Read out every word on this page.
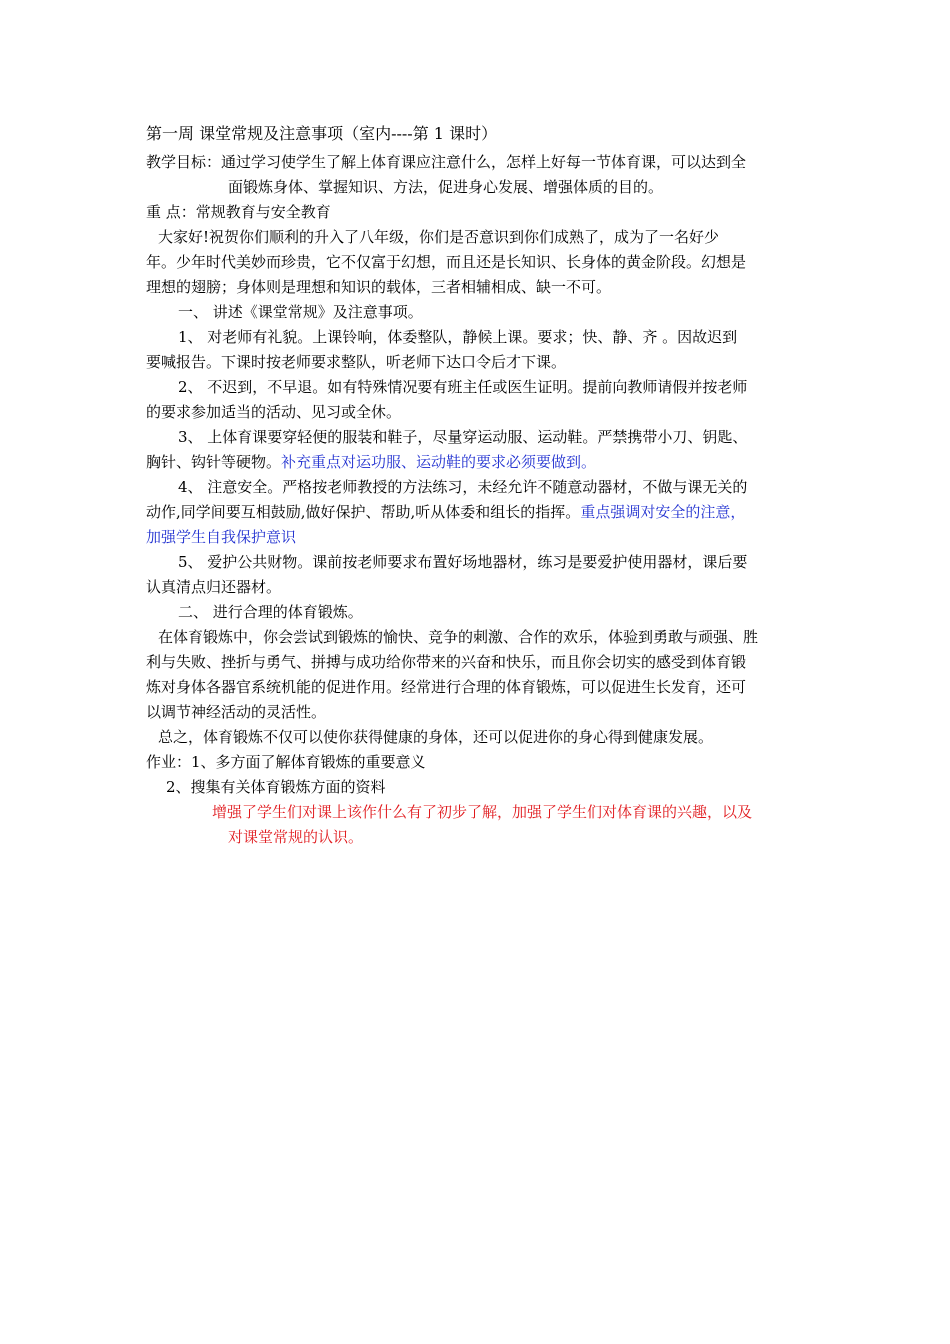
第一周 课堂常规及注意事项（室内----第 1 课时）
教学目标：通过学习使学生了解上体育课应注意什么，怎样上好每一节体育课，可以达到全
面锻炼身体、掌握知识、方法，促进身心发展、增强体质的目的。
重 点：常规教育与安全教育
大家好!祝贺你们顺利的升入了八年级，你们是否意识到你们成熟了，成为了一名好少
年。少年时代美妙而珍贵，它不仅富于幻想，而且还是长知识、长身体的黄金阶段。幻想是
理想的翅膀；身体则是理想和知识的载体，三者相辅相成、缺一不可。
一、 讲述《课堂常规》及注意事项。
1、 对老师有礼貌。上课铃响，体委整队，静候上课。要求；快、静、齐 。因故迟到
要喊报告。下课时按老师要求整队，听老师下达口令后才下课。
2、 不迟到，不早退。如有特殊情况要有班主任或医生证明。提前向教师请假并按老师
的要求参加适当的活动、见习或全休。
3、 上体育课要穿轻便的服装和鞋子，尽量穿运动服、运动鞋。严禁携带小刀、钥匙、
胸针、钩针等硬物。补充重点对运功服、运动鞋的要求必须要做到。
4、 注意安全。严格按老师教授的方法练习，未经允许不随意动器材，不做与课无关的
动作,同学间要互相鼓励,做好保护、帮助,听从体委和组长的指挥。重点强调对安全的注意，
加强学生自我保护意识
5、 爱护公共财物。课前按老师要求布置好场地器材，练习是要爱护使用器材，课后要
认真清点归还器材。
二、 进行合理的体育锻炼。
在体育锻炼中，你会尝试到锻炼的愉快、竞争的刺激、合作的欢乐，体验到勇敢与顽强、胜
利与失败、挫折与勇气、拼搏与成功给你带来的兴奋和快乐，而且你会切实的感受到体育锻
炼对身体各器官系统机能的促进作用。经常进行合理的体育锻炼，可以促进生长发育，还可
以调节神经活动的灵活性。
总之，体育锻炼不仅可以使你获得健康的身体，还可以促进你的身心得到健康发展。
作业：1、多方面了解体育锻炼的重要意义
2、搜集有关体育锻炼方面的资料
增强了学生们对课上该作什么有了初步了解，加强了学生们对体育课的兴趣，以及
对课堂常规的认识。
